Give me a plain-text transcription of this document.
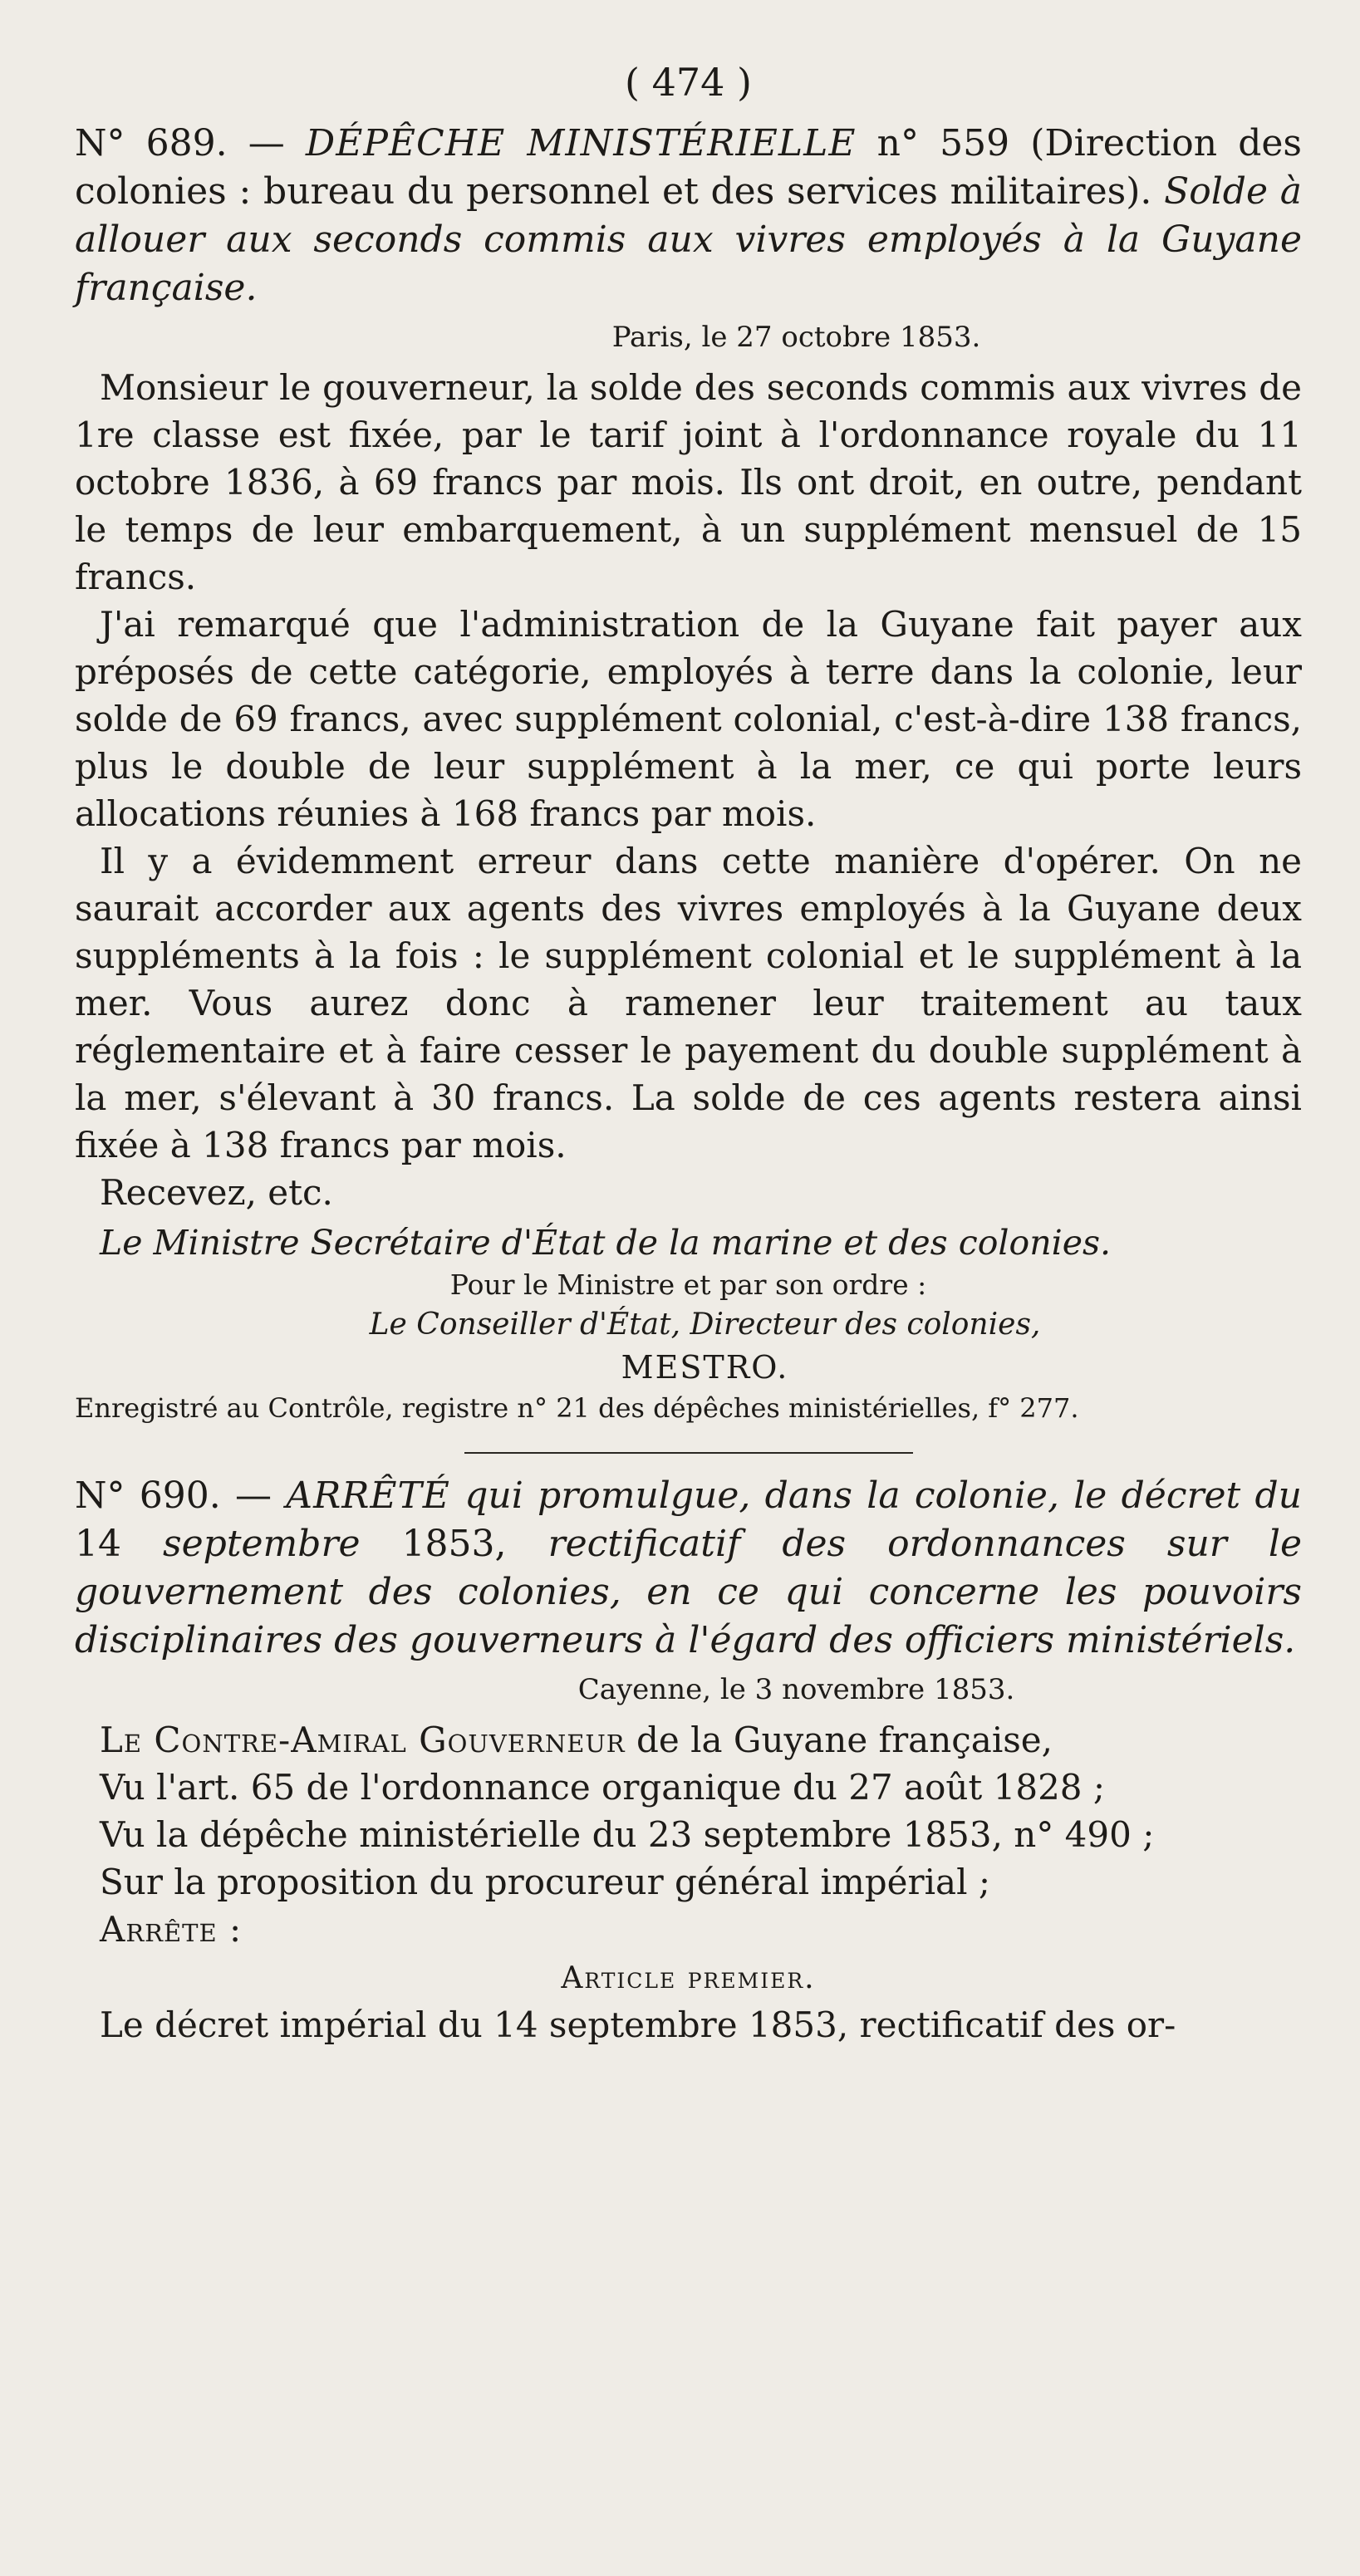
( 474 )

N° 689. — DÉPÊCHE MINISTÉRIELLE n° 559 (Direction des colonies : bureau du personnel et des services militaires). Solde à allouer aux seconds commis aux vivres employés à la Guyane française.

Paris, le 27 octobre 1853.

Monsieur le gouverneur, la solde des seconds commis aux vivres de 1re classe est fixée, par le tarif joint à l'ordonnance royale du 11 octobre 1836, à 69 francs par mois. Ils ont droit, en outre, pendant le temps de leur embarquement, à un supplément mensuel de 15 francs.

J'ai remarqué que l'administration de la Guyane fait payer aux préposés de cette catégorie, employés à terre dans la colonie, leur solde de 69 francs, avec supplément colonial, c'est-à-dire 138 francs, plus le double de leur supplément à la mer, ce qui porte leurs allocations réunies à 168 francs par mois.

Il y a évidemment erreur dans cette manière d'opérer. On ne saurait accorder aux agents des vivres employés à la Guyane deux suppléments à la fois : le supplément colonial et le supplément à la mer. Vous aurez donc à ramener leur traitement au taux réglementaire et à faire cesser le payement du double supplément à la mer, s'élevant à 30 francs. La solde de ces agents restera ainsi fixée à 138 francs par mois.

Recevez, etc.

Le Ministre Secrétaire d'État de la marine et des colonies.

Pour le Ministre et par son ordre :

Le Conseiller d'État, Directeur des colonies,

MESTRO.

Enregistré au Contrôle, registre n° 21 des dépêches ministérielles, f° 277.

N° 690. — ARRÊTÉ qui promulgue, dans la colonie, le décret du 14 septembre 1853, rectificatif des ordonnances sur le gouvernement des colonies, en ce qui concerne les pouvoirs disciplinaires des gouverneurs à l'égard des officiers ministériels.

Cayenne, le 3 novembre 1853.

Le Contre-Amiral Gouverneur de la Guyane française,

Vu l'art. 65 de l'ordonnance organique du 27 août 1828 ;

Vu la dépêche ministérielle du 23 septembre 1853, n° 490 ;

Sur la proposition du procureur général impérial ;

Arrête :

Article premier.

Le décret impérial du 14 septembre 1853, rectificatif des or-
